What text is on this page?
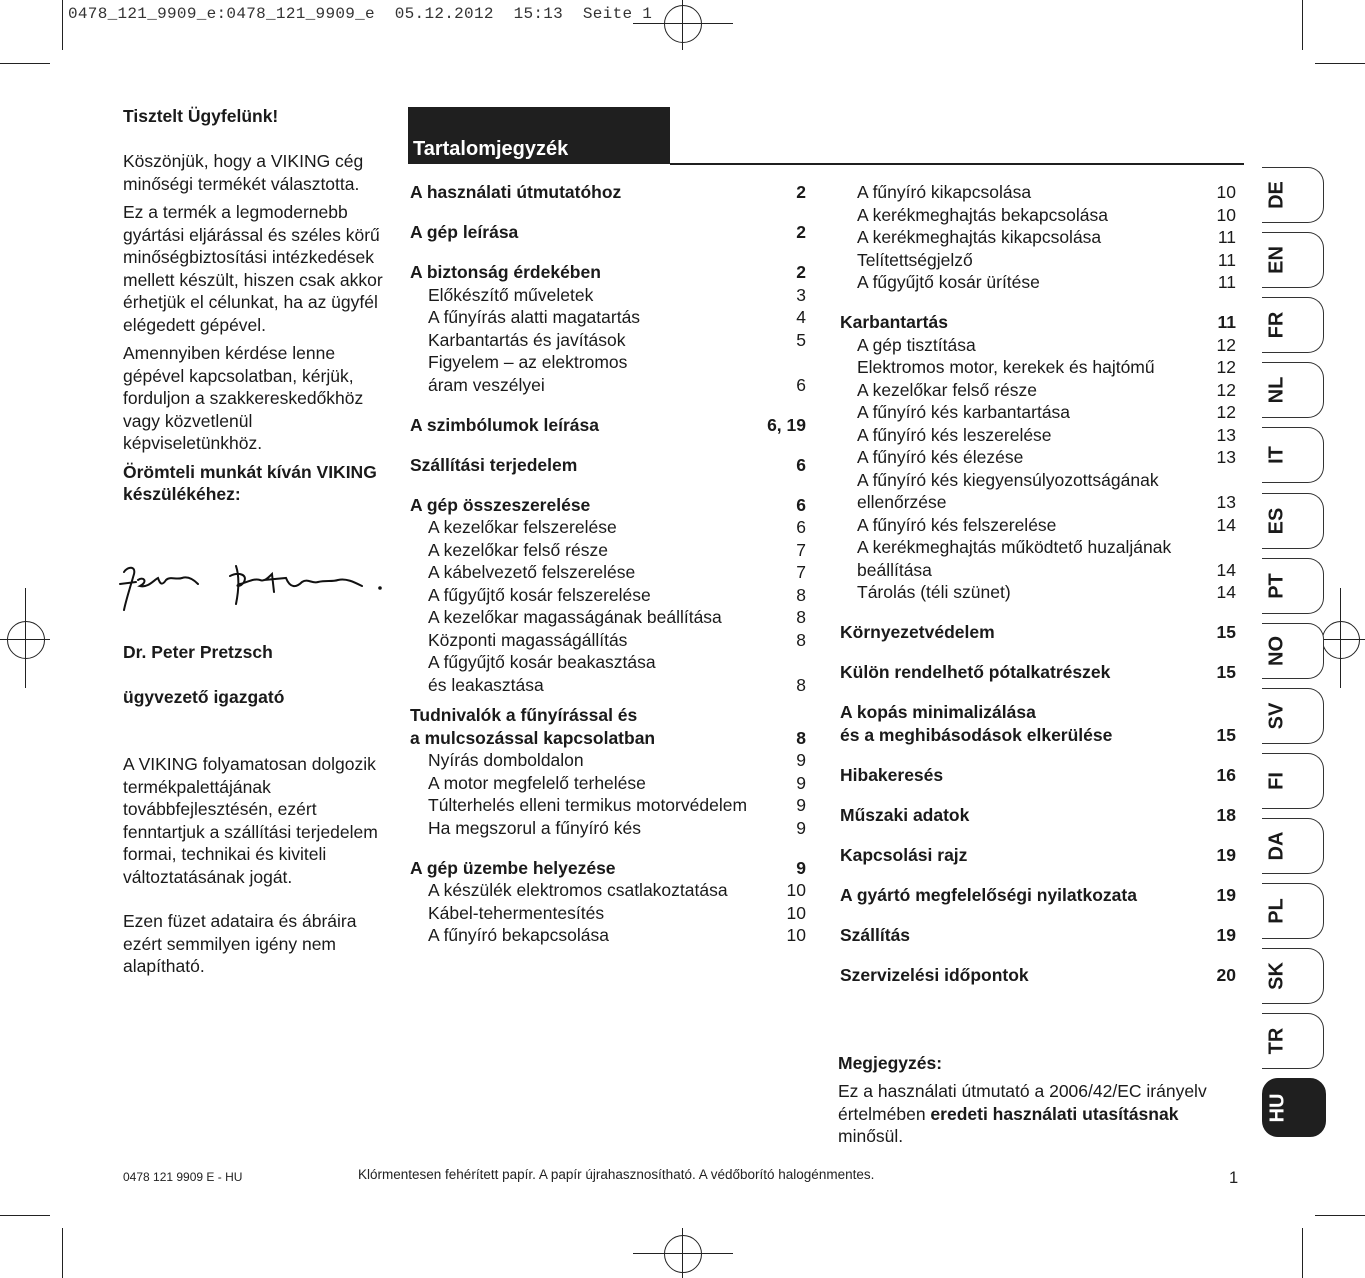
0478_121_9909_e:0478_121_9909_e  05.12.2012  15:13  Seite 1
Tisztelt Ügyfelünk!

Köszönjük, hogy a VIKING cég minőségi termékét választotta.

Ez a termék a legmodernebb gyártási eljárással és széles körű minőségbiztosítási intézkedések mellett készült, hiszen csak akkor érhetjük el célunkat, ha az ügyfél elégedett gépével.

Amennyiben kérdése lenne gépével kapcsolatban, kérjük, forduljon a szakkereskedőkhöz vagy közvetlenül képviseletünkhöz.

Örömteli munkát kíván VIKING készülékéhez:

Dr. Peter Pretzsch
ügyvezető igazgató
A VIKING folyamatosan dolgozik termékpalettájának továbbfejlesztésén, ezért fenntartjuk a szállítási terjedelem formai, technikai és kiviteli változtatásának jogát.
Ezen füzet adataira és ábráira ezért semmilyen igény nem alapítható.
Tartalomjegyzék
A használati útmutatóhoz	2
A gép leírása	2
A biztonság érdekében	2
Előkészítő műveletek	3
A fűnyírás alatti magatartás	4
Karbantartás és javítások	5
Figyelem – az elektromos
áram veszélyei	6
A szimbólumok leírása	6, 19
Szállítási terjedelem	6
A gép összeszerelése	6
A kezelőkar felszerelése	6
A kezelőkar felső része	7
A kábelvezető felszerelése	7
A fűgyűjtő kosár felszerelése	8
A kezelőkar magasságának beállítása	8
Központi magasságállítás	8
A fűgyűjtő kosár beakasztása
és leakasztása	8
Tudnivalók a fűnyírással és
a mulcsozással kapcsolatban	8
Nyírás domboldalon	9
A motor megfelelő terhelése	9
Túlterhelés elleni termikus motorvédelem	9
Ha megszorul a fűnyíró kés	9
A gép üzembe helyezése	9
A készülék elektromos csatlakoztatása	10
Kábel-tehermentesítés	10
A fűnyíró bekapcsolása	10
A fűnyíró kikapcsolása	10
A kerékmeghajtás bekapcsolása	10
A kerékmeghajtás kikapcsolása	11
Telítettségjelző	11
A fűgyűjtő kosár ürítése	11
Karbantartás	11
A gép tisztítása	12
Elektromos motor, kerekek és hajtómű	12
A kezelőkar felső része	12
A fűnyíró kés karbantartása	12
A fűnyíró kés leszerelése	13
A fűnyíró kés élezése	13
A fűnyíró kés kiegyensúlyozottságának
ellenőrzése	13
A fűnyíró kés felszerelése	14
A kerékmeghajtás működtető huzaljának
beállítása	14
Tárolás (téli szünet)	14
Környezetvédelem	15
Külön rendelhető pótalkatrészek	15
A kopás minimalizálása
és a meghibásodások elkerülése	15
Hibakeresés	16
Műszaki adatok	18
Kapcsolási rajz	19
A gyártó megfelelőségi nyilatkozata	19
Szállítás	19
Szervizelési időpontok	20
DE
EN
FR
NL
IT
ES
PT
NO
SV
FI
DA
PL
SK
TR
HU
Megjegyzés:
Ez a használati útmutató a 2006/42/EC irányelv értelmében eredeti használati utasításnak minősül.
0478 121 9909 E - HU	Klórmentesen fehérített papír. A papír újrahasznosítható. A védőborító halogénmentes.	1
